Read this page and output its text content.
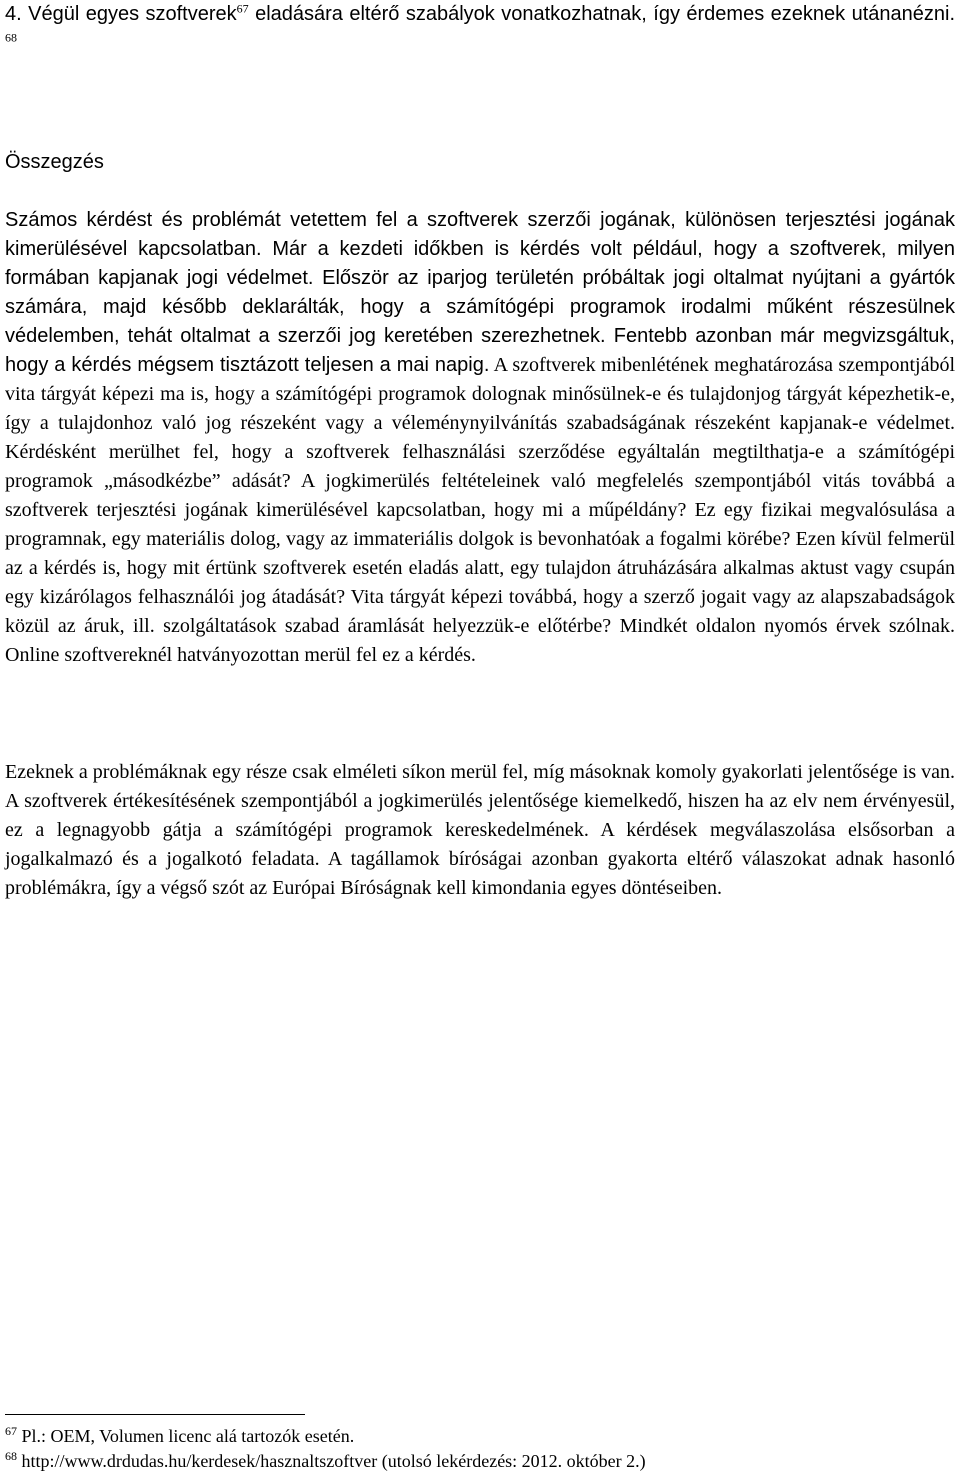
4. Végül egyes szoftverek$^{67}$ eladására eltérő szabályok vonatkozhatnak, így érdemes ezeknek utánanézni. $^{68}$
Összegzés
Számos kérdést és problémát vetettem fel a szoftverek szerzői jogának, különösen terjesztési jogának kimerülésével kapcsolatban. Már a kezdeti időkben is kérdés volt például, hogy a szoftverek, milyen formában kapjanak jogi védelmet. Először az iparjog területén próbáltak jogi oltalmat nyújtani a gyártók számára, majd később deklarálták, hogy a számítógépi programok irodalmi műként részesülnek védelemben, tehát oltalmat a szerzői jog keretében szerezhetnek. Fentebb azonban már megvizsgáltuk, hogy a kérdés mégsem tisztázott teljesen a mai napig. A szoftverek mibenlétének meghatározása szempontjából vita tárgyát képezi ma is, hogy a számítógépi programok dolognak minősülnek-e és tulajdonjog tárgyát képezhetik-e, így a tulajdonhoz való jog részeként vagy a véleménynyilvánítás szabadságának részeként kapjanak-e védelmet. Kérdésként merülhet fel, hogy a szoftverek felhasználási szerződése egyáltalán megtilthatja-e a számítógépi programok „másodkézbe” adását? A jogkimerülés feltételeinek való megfelelés szempontjából vitás továbbá a szoftverek terjesztési jogának kimerülésével kapcsolatban, hogy mi a műpéldány? Ez egy fizikai megvalósulása a programnak, egy materiális dolog, vagy az immateriális dolgok is bevonhatóak a fogalmi körébe? Ezen kívül felmerül az a kérdés is, hogy mit értünk szoftverek esetén eladás alatt, egy tulajdon átruházására alkalmas aktust vagy csupán egy kizárólagos felhasználói jog átadását? Vita tárgyát képezi továbbá, hogy a szerző jogait vagy az alapszabadságok közül az áruk, ill. szolgáltatások szabad áramlását helyezzük-e előtérbe? Mindkét oldalon nyomós érvek szólnak. Online szoftvereknél hatványozottan merül fel ez a kérdés.
Ezeknek a problémáknak egy része csak elméleti síkon merül fel, míg másoknak komoly gyakorlati jelentősége is van. A szoftverek értékesítésének szempontjából a jogkimerülés jelentősége kiemelkedő, hiszen ha az elv nem érvényesül, ez a legnagyobb gátja a számítógépi programok kereskedelmének. A kérdések megválaszolása elsősorban a jogalkalmazó és a jogalkotó feladata. A tagállamok bíróságai azonban gyakorta eltérő válaszokat adnak hasonló problémákra, így a végső szót az Európai Bíróságnak kell kimondania egyes döntéseiben.
$^{67}$ Pl.: OEM, Volumen licenc alá tartozók esetén.
$^{68}$ http://www.drdudas.hu/kerdesek/hasznaltszoftver (utolsó lekérdezés: 2012. október 2.)
